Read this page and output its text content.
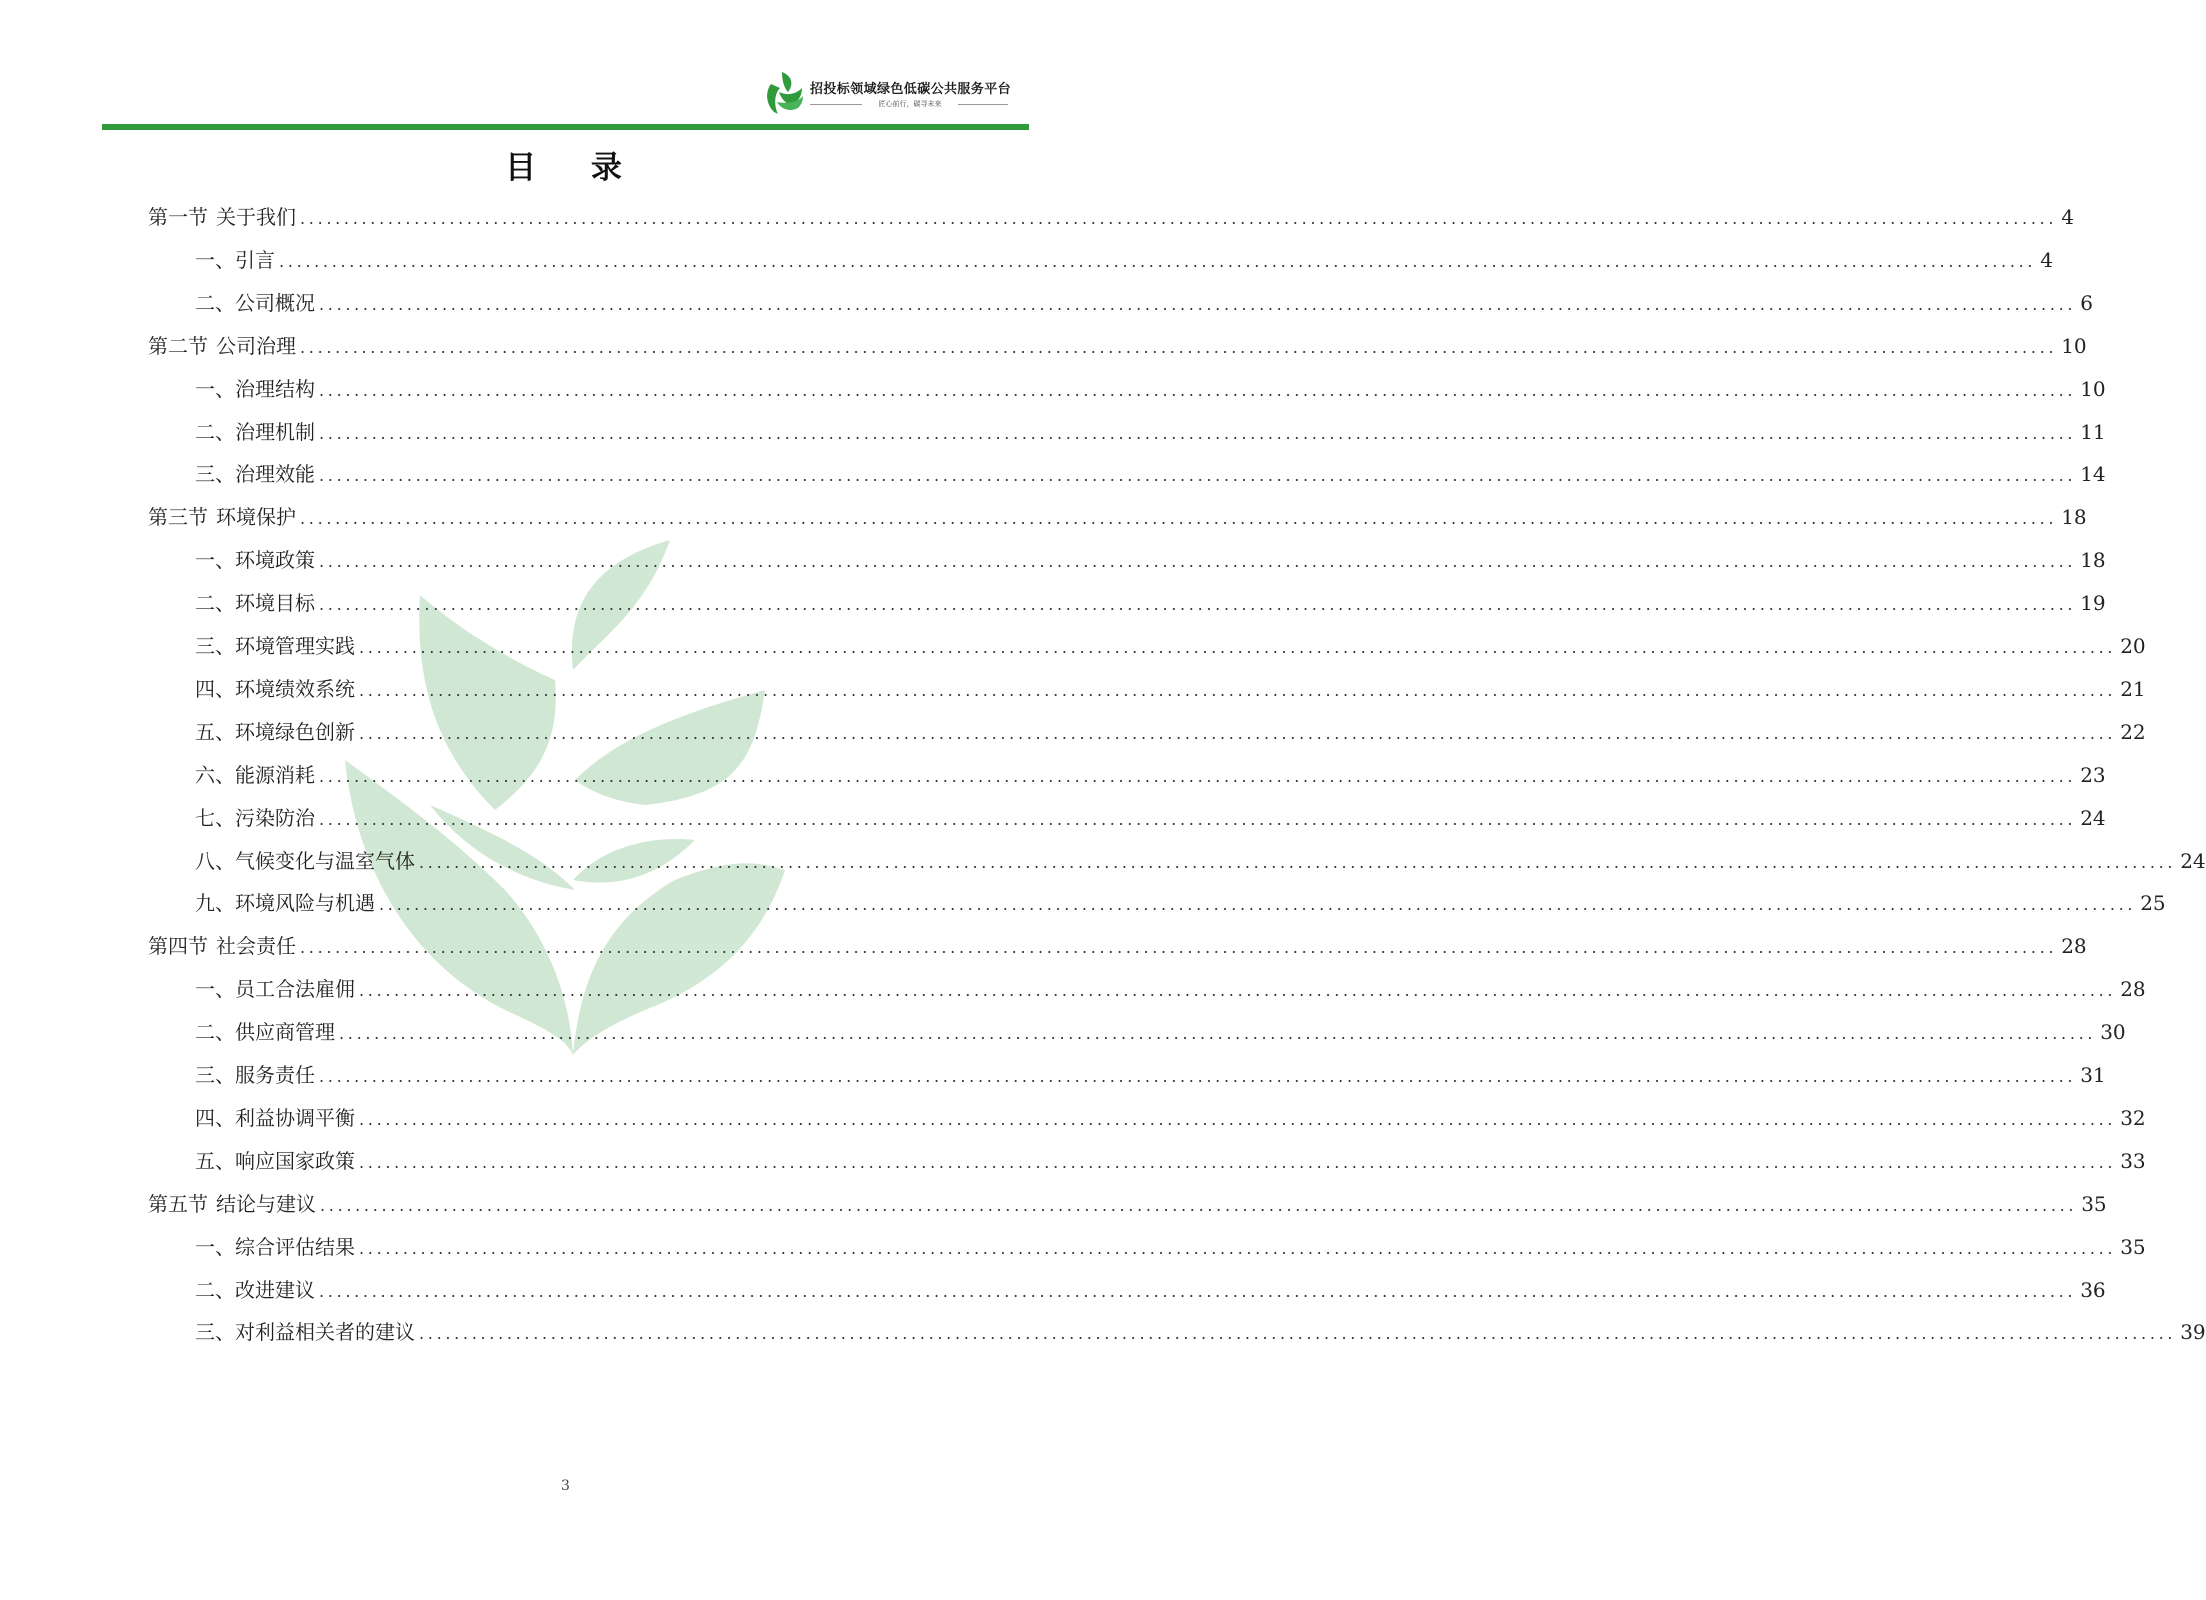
招投标领域绿色低碳公共服务平台
匠心前行，碳寻未来
目 录
第一节 关于我们 ........................................................................................................................................................................................................ 4
一、引言 ........................................................................................................................................................................................................ 4
二、公司概况 ........................................................................................................................................................................................................ 6
第二节 公司治理 ........................................................................................................................................................................................................ 10
一、治理结构 ........................................................................................................................................................................................................ 10
二、治理机制 ........................................................................................................................................................................................................ 11
三、治理效能 ........................................................................................................................................................................................................ 14
第三节 环境保护 ........................................................................................................................................................................................................ 18
一、环境政策 ........................................................................................................................................................................................................ 18
二、环境目标 ........................................................................................................................................................................................................ 19
三、环境管理实践 ........................................................................................................................................................................................................ 20
四、环境绩效系统 ........................................................................................................................................................................................................ 21
五、环境绿色创新 ........................................................................................................................................................................................................ 22
六、能源消耗 ........................................................................................................................................................................................................ 23
七、污染防治 ........................................................................................................................................................................................................ 24
八、气候变化与温室气体 ........................................................................................................................................................................................................ 24
九、环境风险与机遇 ........................................................................................................................................................................................................ 25
第四节 社会责任 ........................................................................................................................................................................................................ 28
一、员工合法雇佣 ........................................................................................................................................................................................................ 28
二、供应商管理 ........................................................................................................................................................................................................ 30
三、服务责任 ........................................................................................................................................................................................................ 31
四、利益协调平衡 ........................................................................................................................................................................................................ 32
五、响应国家政策 ........................................................................................................................................................................................................ 33
第五节 结论与建议 ........................................................................................................................................................................................................ 35
一、综合评估结果 ........................................................................................................................................................................................................ 35
二、改进建议 ........................................................................................................................................................................................................ 36
三、对利益相关者的建议 ........................................................................................................................................................................................................ 39
3
